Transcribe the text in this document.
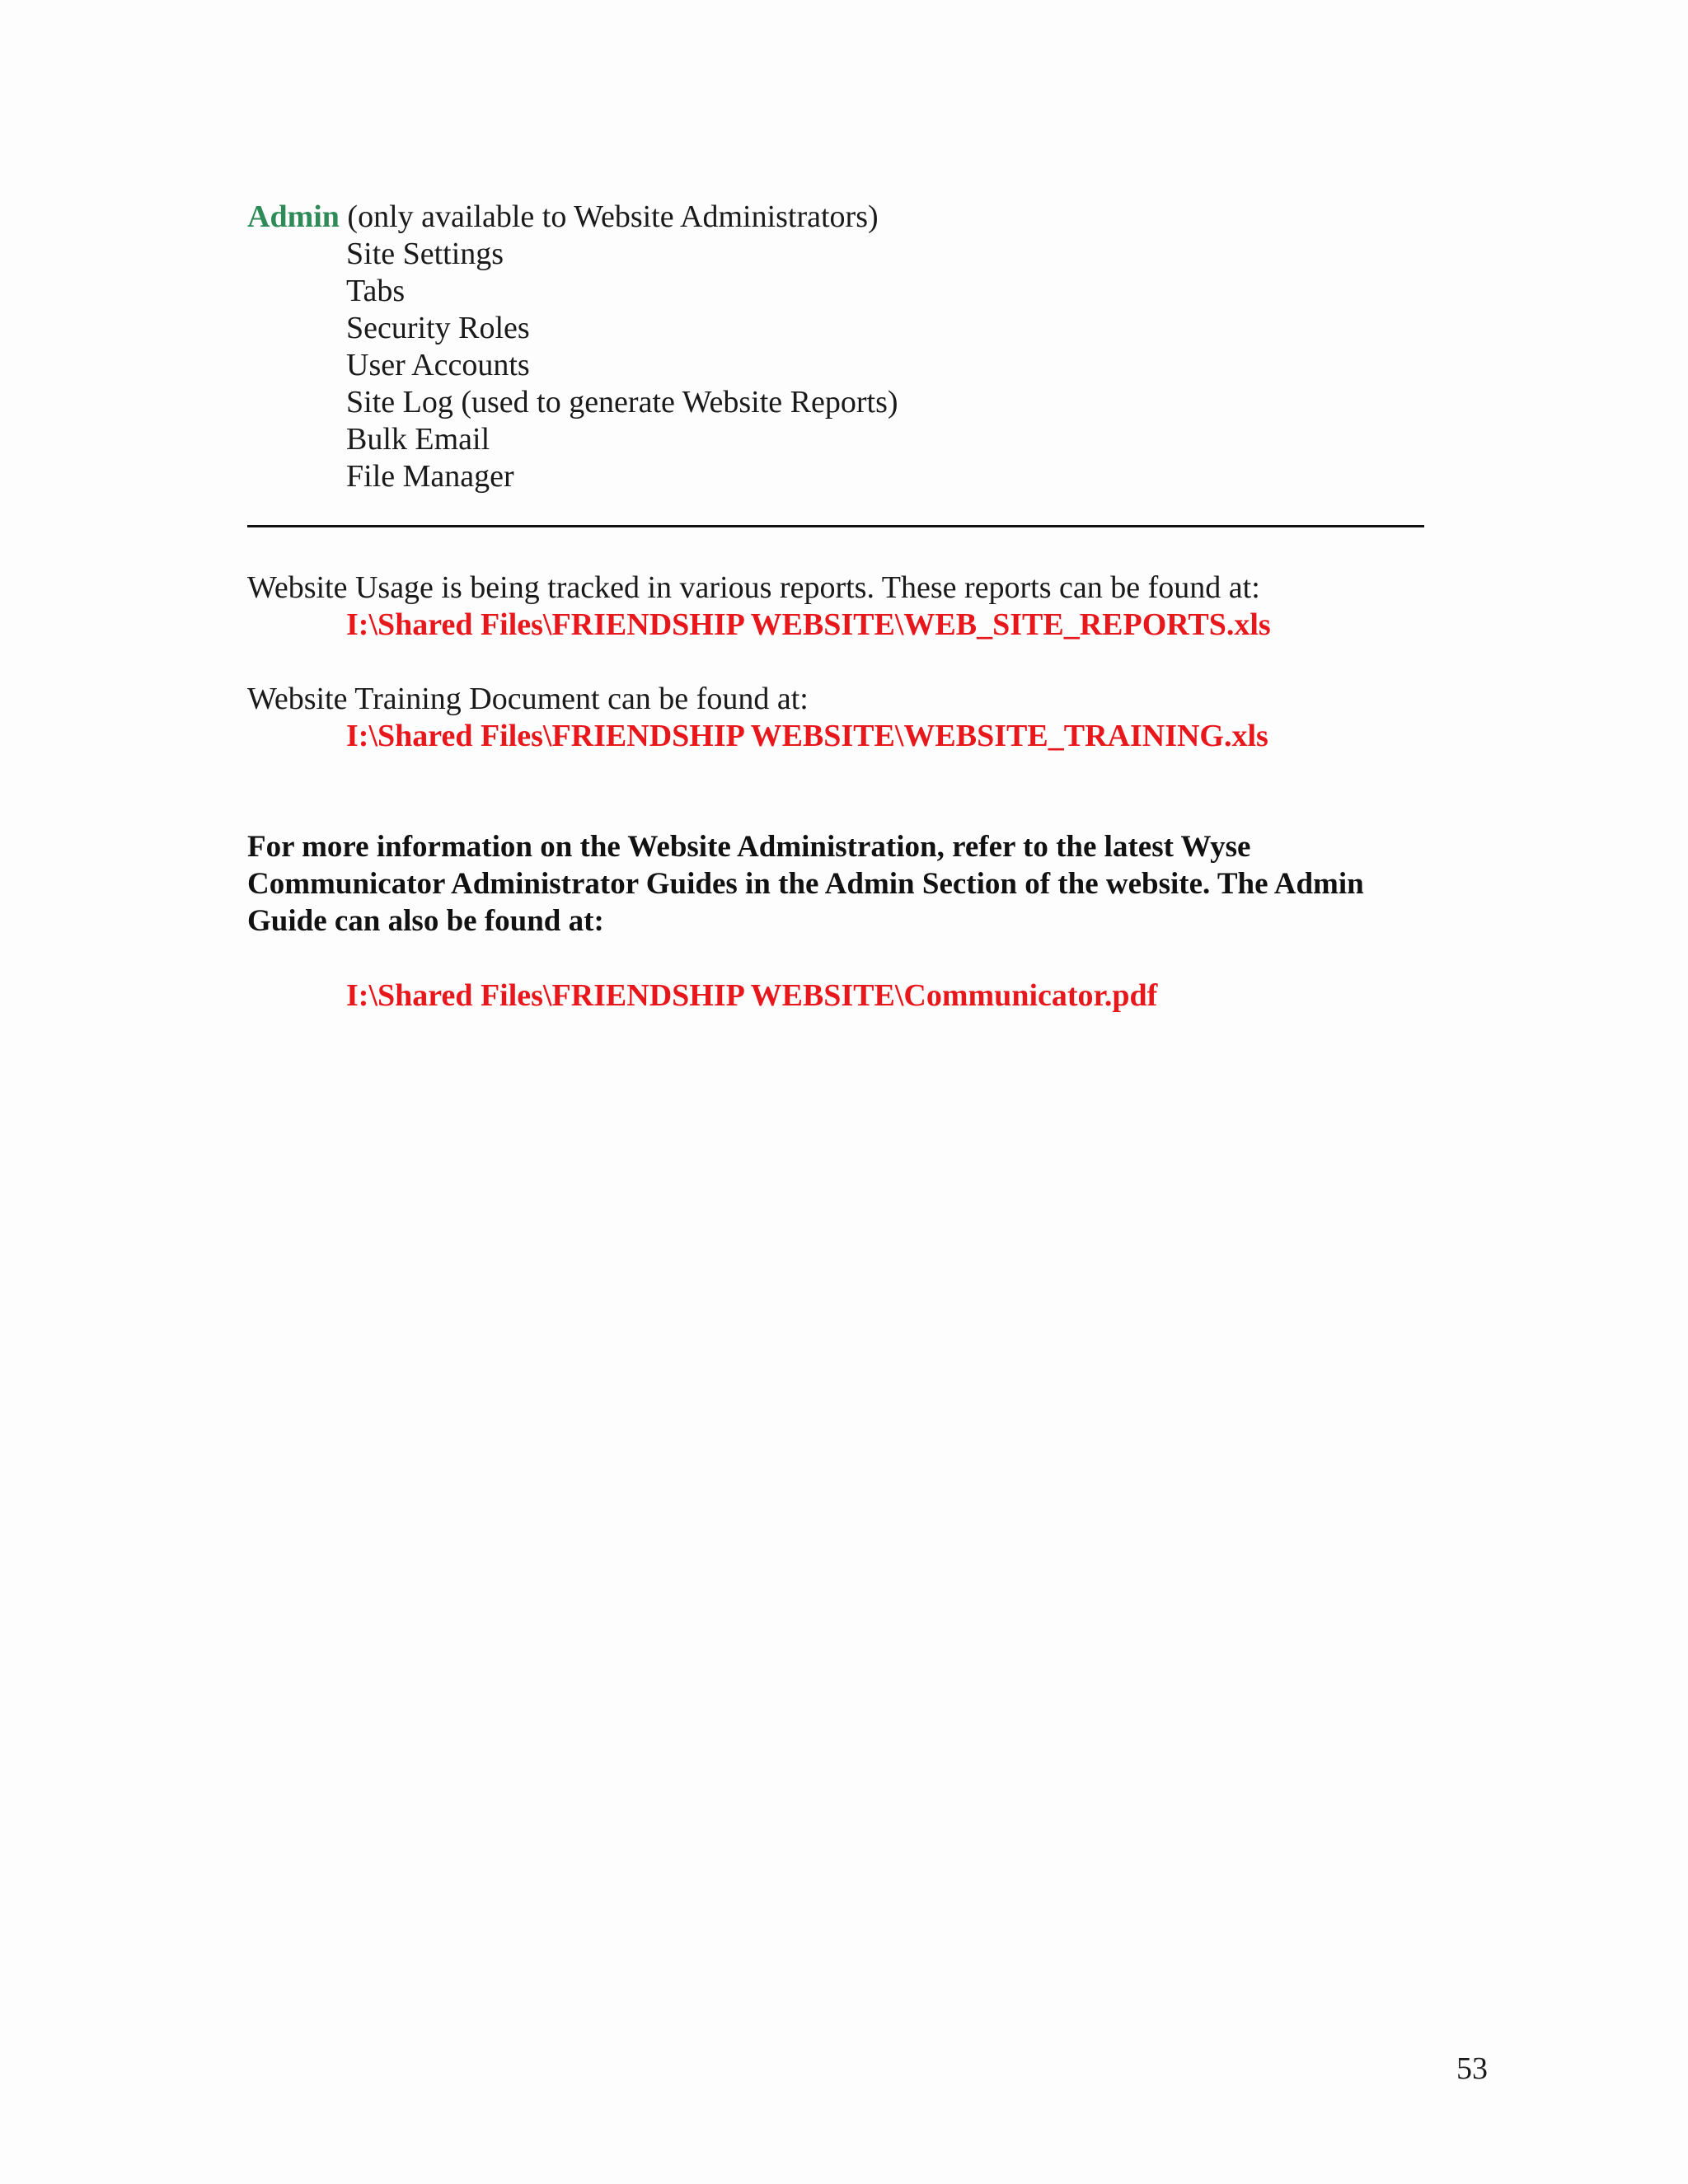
Admin (only available to Website Administrators)
Site Settings
Tabs
Security Roles
User Accounts
Site Log (used to generate Website Reports)
Bulk Email
File Manager
Website Usage is being tracked in various reports. These reports can be found at:
I:\Shared Files\FRIENDSHIP WEBSITE\WEB_SITE_REPORTS.xls
Website Training Document can be found at:
I:\Shared Files\FRIENDSHIP WEBSITE\WEBSITE_TRAINING.xls
For more information on the Website Administration, refer to the latest Wyse
Communicator Administrator Guides in the Admin Section of the website. The Admin
Guide can also be found at:
I:\Shared Files\FRIENDSHIP WEBSITE\Communicator.pdf
53
